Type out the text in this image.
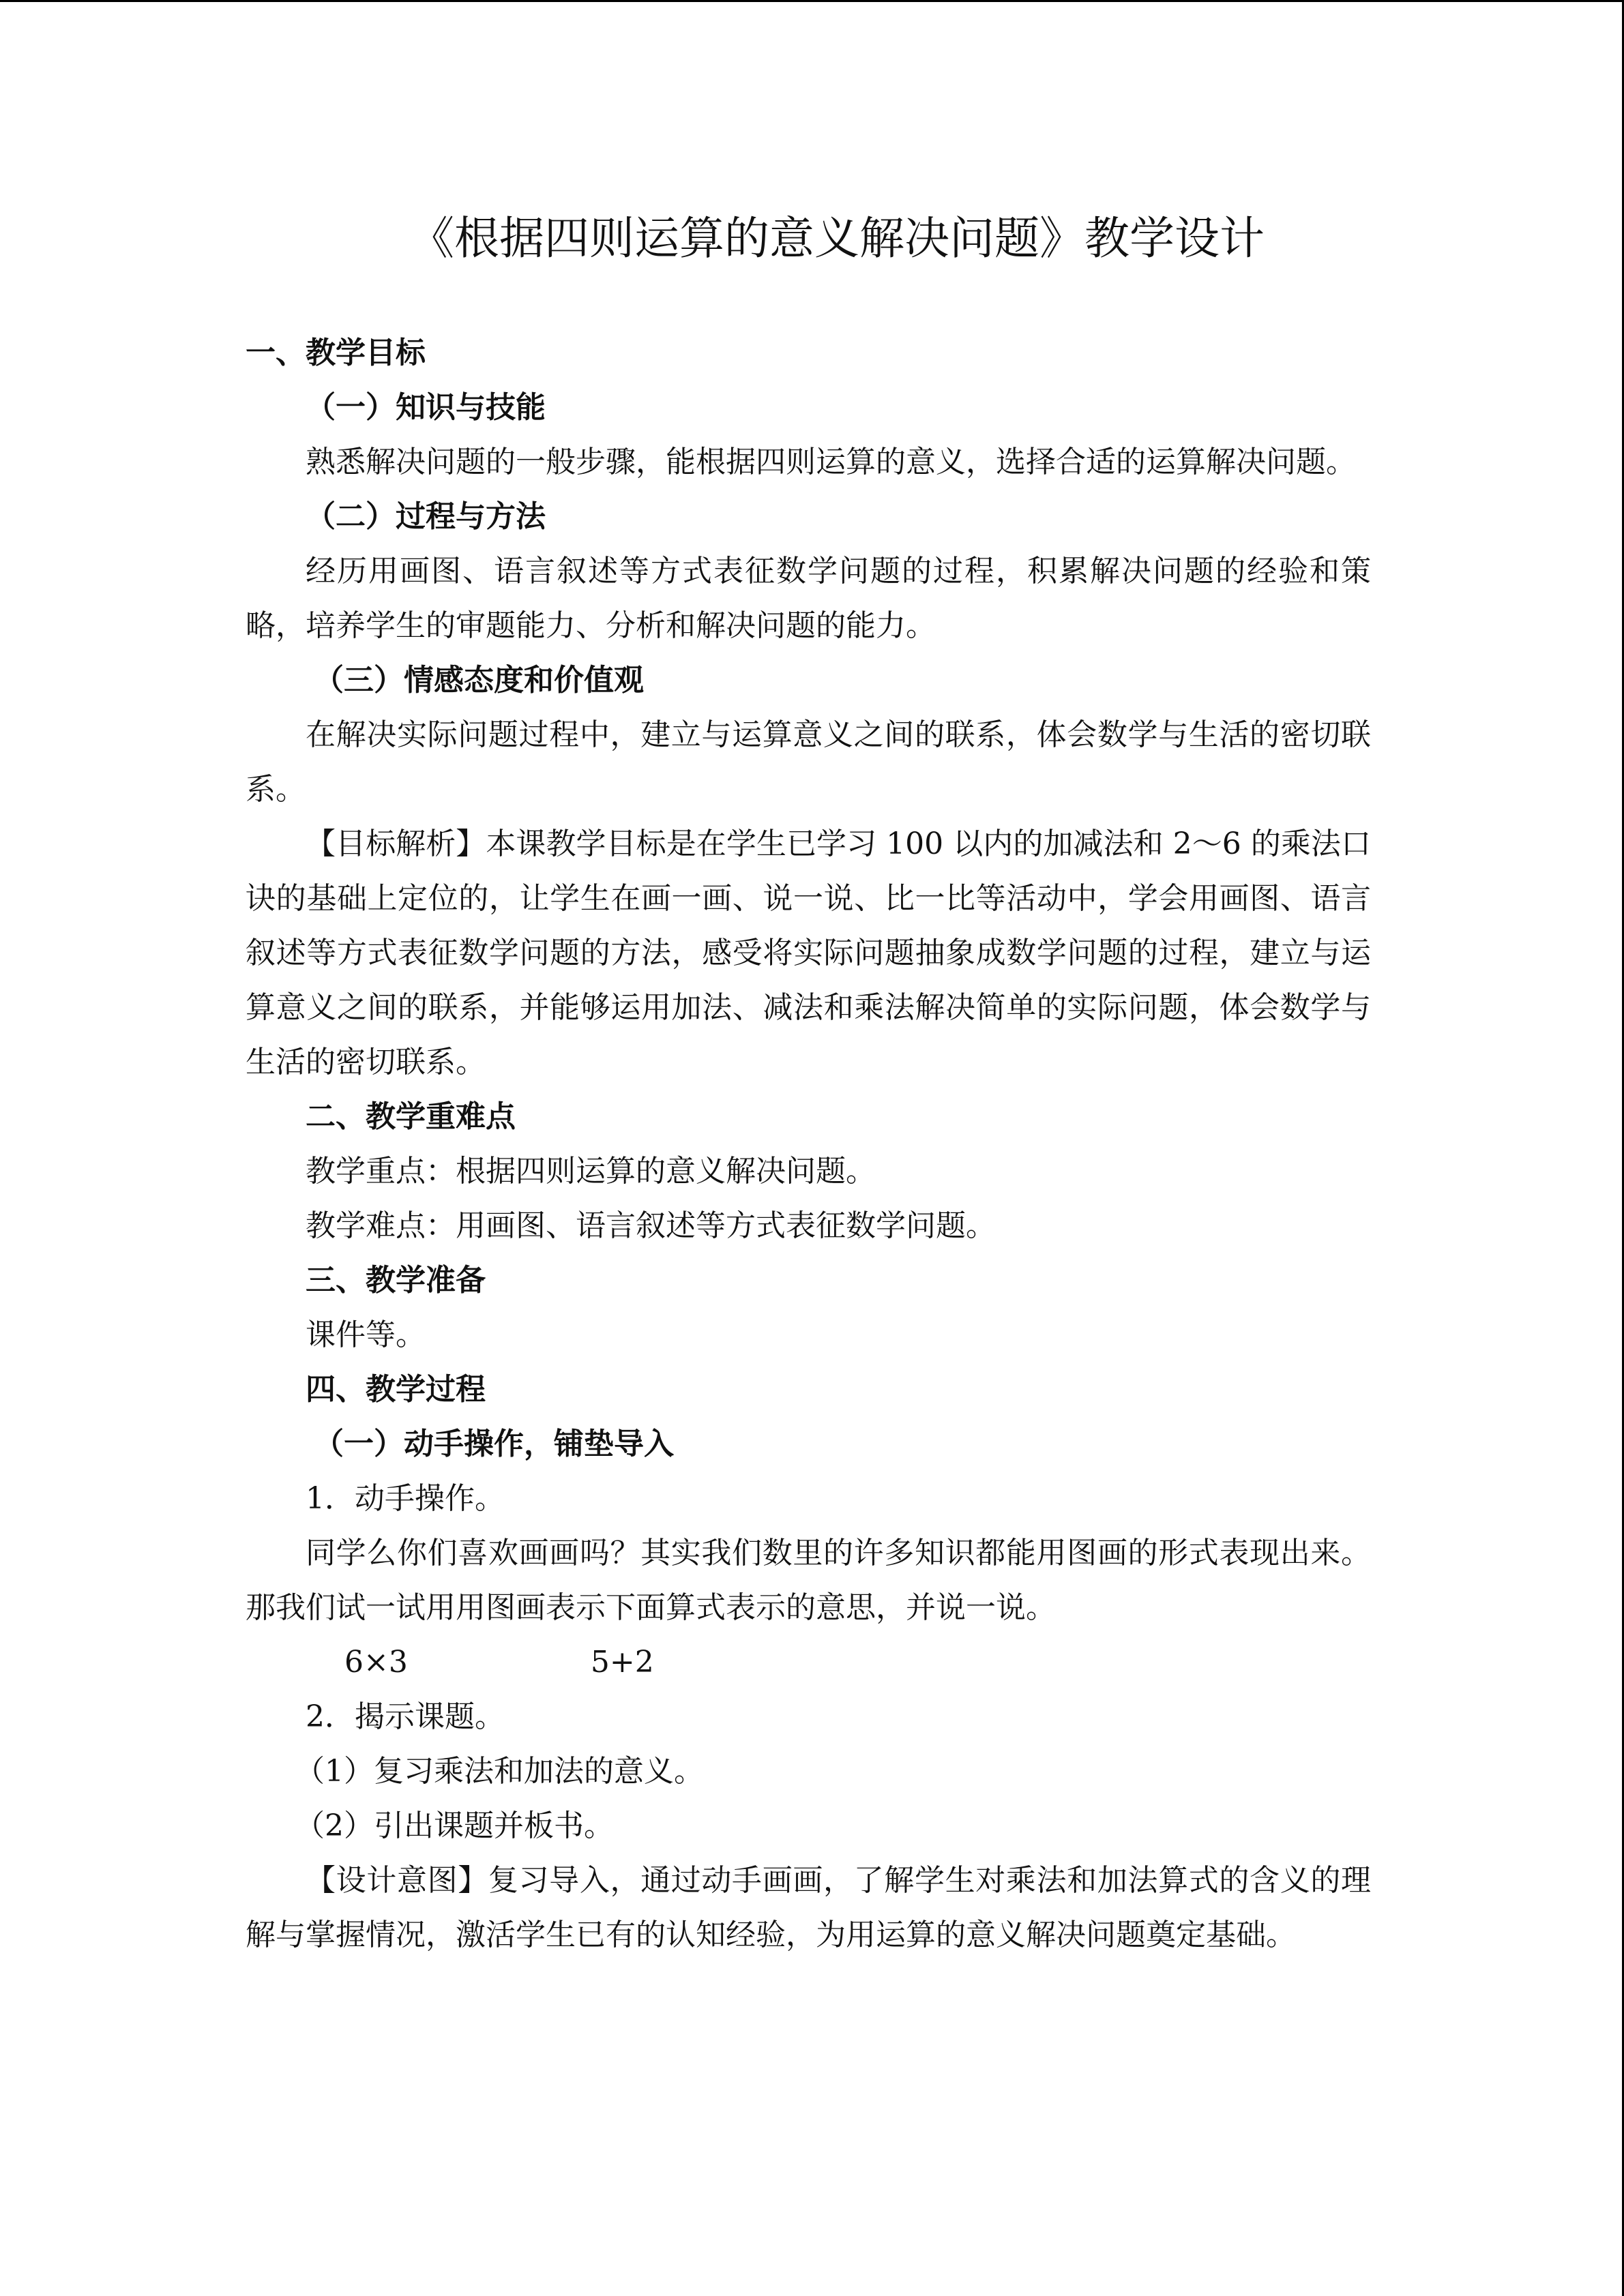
《根据四则运算的意义解决问题》教学设计

一、教学目标

（一）知识与技能

熟悉解决问题的一般步骤，能根据四则运算的意义，选择合适的运算解决问题。

（二）过程与方法

经历用画图、语言叙述等方式表征数学问题的过程，积累解决问题的经验和策略，培养学生的审题能力、分析和解决问题的能力。

（三）情感态度和价值观

在解决实际问题过程中，建立与运算意义之间的联系，体会数学与生活的密切联系。

【目标解析】本课教学目标是在学生已学习 100 以内的加减法和 2～6 的乘法口诀的基础上定位的，让学生在画一画、说一说、比一比等活动中，学会用画图、语言叙述等方式表征数学问题的方法，感受将实际问题抽象成数学问题的过程，建立与运算意义之间的联系，并能够运用加法、减法和乘法解决简单的实际问题，体会数学与生活的密切联系。

二、教学重难点

教学重点：根据四则运算的意义解决问题。

教学难点：用画图、语言叙述等方式表征数学问题。

三、教学准备

课件等。

四、教学过程

（一）动手操作，铺垫导入

1．动手操作。

同学么你们喜欢画画吗？其实我们数里的许多知识都能用图画的形式表现出来。那我们试一试用用图画表示下面算式表示的意思，并说一说。

6×3	5+2

2．揭示课题。

（1）复习乘法和加法的意义。

（2）引出课题并板书。

【设计意图】复习导入，通过动手画画，了解学生对乘法和加法算式的含义的理解与掌握情况，激活学生已有的认知经验，为用运算的意义解决问题奠定基础。
